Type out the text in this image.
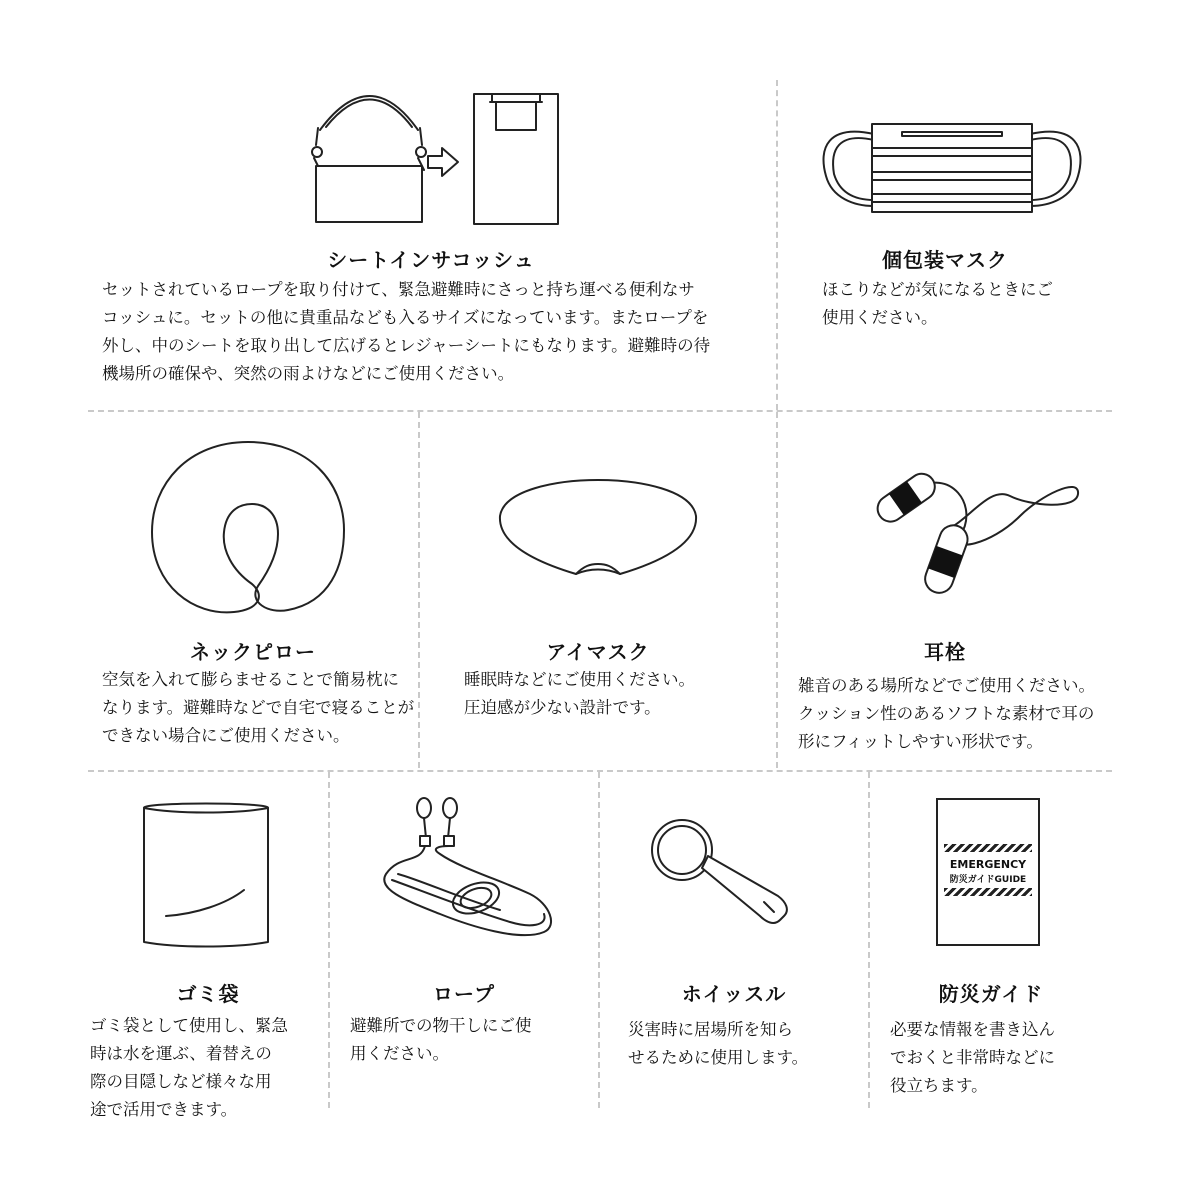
シートインサコッシュ
セットされているロープを取り付けて、緊急避難時にさっと持ち運べる便利なサ
コッシュに。セットの他に貴重品なども入るサイズになっています。またロープを
外し、中のシートを取り出して広げるとレジャーシートにもなります。避難時の待
機場所の確保や、突然の雨よけなどにご使用ください。
個包装マスク
ほこりなどが気になるときにご
使用ください。
ネックピロー
空気を入れて膨らませることで簡易枕に
なります。避難時などで自宅で寝ることが
できない場合にご使用ください。
アイマスク
睡眠時などにご使用ください。
圧迫感が少ない設計です。
耳栓
雑音のある場所などでご使用ください。
クッション性のあるソフトな素材で耳の
形にフィットしやすい形状です。
ゴミ袋
ゴミ袋として使用し、緊急
時は水を運ぶ、着替えの
際の目隠しなど様々な用
途で活用できます。
ロープ
避難所での物干しにご使
用ください。
ホイッスル
災害時に居場所を知ら
せるために使用します。
EMERGENCY
防災ガイドGUIDE
防災ガイド
必要な情報を書き込ん
でおくと非常時などに
役立ちます。
